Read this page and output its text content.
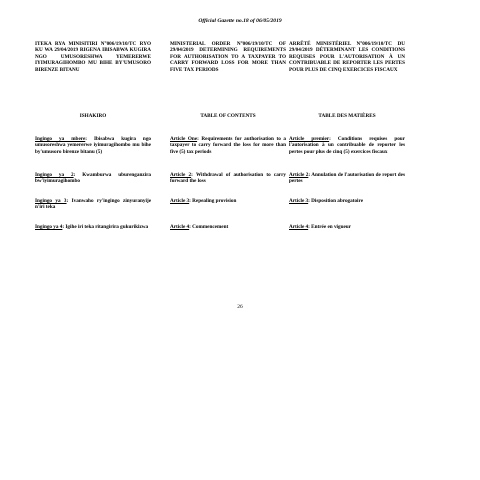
Official Gazette no.18 of 06/05/2019
ITEKA RYA MINISITIRI N°006/19/10/TC RYO KU WA 29/04/2019 RIGENA IBISABWA KUGIRA NGO UMUSORESHWA YEMERERWE IYIMURAGIHOMBO MU BIHE BY'UMUSORO BIRENZE BITANU
ISHAKIRO
Ingingo ya mbere: Ibisabwa kugira ngo umusoreshwa yemererwe iyimuragihombo mu bihe by'umusoro birenze bitanu (5)
Ingingo ya 2: Kwamburwa uburenganzira bw'iyimuragihombo
Ingingo ya 3: Ivanwaho ry'ingingo zinyuranyije n'iri teka
Ingingo ya 4: Igihe iri teka ritangirira gukurikizwa
MINISTERIAL ORDER N°006/19/10/TC OF 29/04/2019 DETERMINING REQUIREMENTS FOR AUTHORISATION TO A TAXPAYER TO CARRY FORWARD LOSS FOR MORE THAN FIVE TAX PERIODS
TABLE OF CONTENTS
Article One: Requirements for authorisation to a taxpayer to carry forward the loss for more than five (5) tax periods
Article 2: Withdrawal of authorisation to carry forward the loss
Article 3: Repealing provision
Article 4: Commencement
ARRÊTÉ MINISTÉRIEL N°006/19/10/TC DU 29/04/2019 DÉTERMINANT LES CONDITIONS REQUISES POUR L'AUTORISATION À UN CONTRIBUABLE DE REPORTER LES PERTES POUR PLUS DE CINQ EXERCICES FISCAUX
TABLE DES MATIÈRES
Article premier: Conditions requises pour l'autorisation à un contribuable de reporter les pertes pour plus de cinq (5) exercices fiscaux
Article 2: Annulation de l'autorisation de report des pertes
Article 3: Disposition abrogatoire
Article 4: Entrée en vigueur
26
